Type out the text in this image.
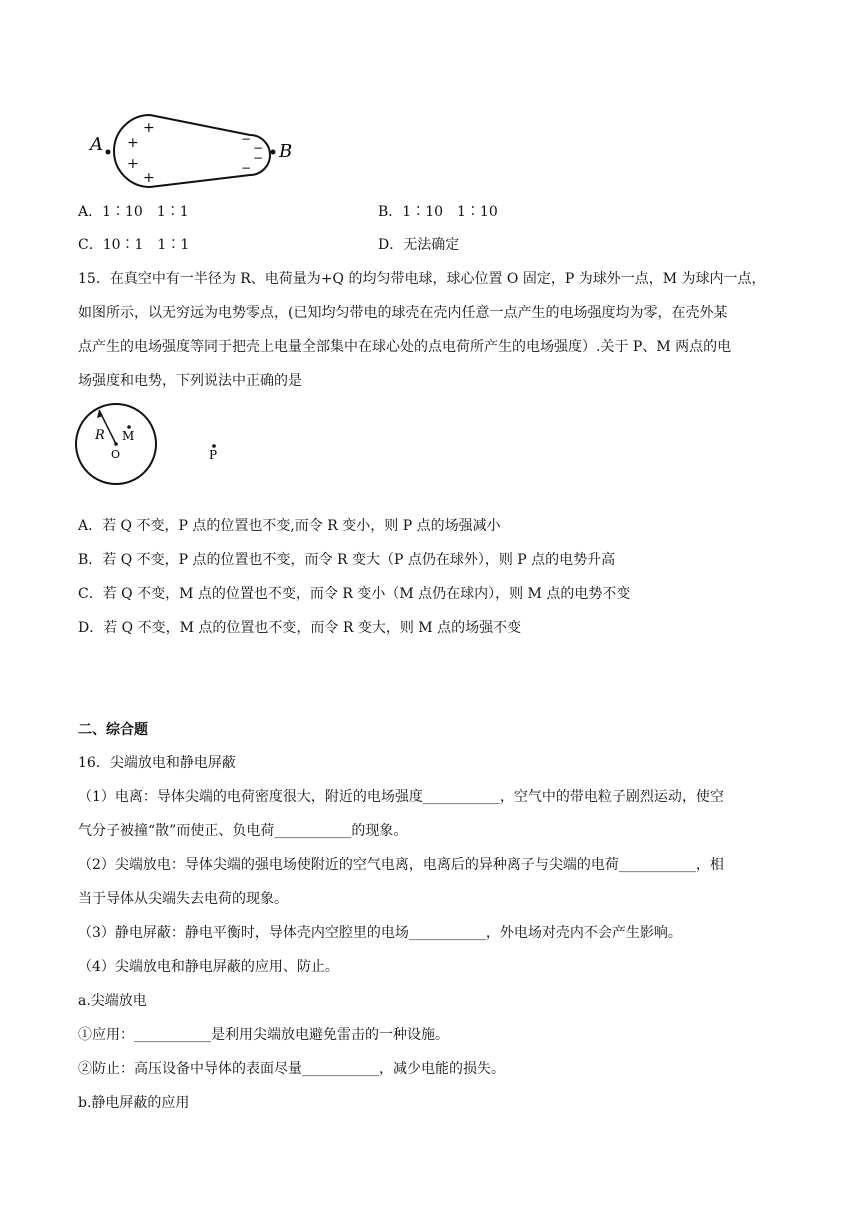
A	B
+
+
+
+
−
−
−
−
A．1∶10　1∶1	B．1∶10　1∶10
C．10∶1　1∶1	D．无法确定
15．在真空中有一半径为 R、电荷量为+Q 的均匀带电球，球心位置 O 固定，P 为球外一点，M 为球内一点，
如图所示，以无穷远为电势零点，(已知均匀带电的球壳在壳内任意一点产生的电场强度均为零，在壳外某
点产生的电场强度等同于把壳上电量全部集中在球心处的点电荷所产生的电场强度）.关于 P、M 两点的电
场强度和电势，下列说法中正确的是
R M
O	P
A．若 Q 不变，P 点的位置也不变,而令 R 变小，则 P 点的场强减小
B．若 Q 不变，P 点的位置也不变，而令 R 变大（P 点仍在球外），则 P 点的电势升高
C．若 Q 不变，M 点的位置也不变，而令 R 变小（M 点仍在球内），则 M 点的电势不变
D．若 Q 不变，M 点的位置也不变，而令 R 变大，则 M 点的场强不变
二、综合题
16．尖端放电和静电屏蔽
（1）电离：导体尖端的电荷密度很大，附近的电场强度___________，空气中的带电粒子剧烈运动，使空
气分子被撞“散”而使正、负电荷___________的现象。
（2）尖端放电：导体尖端的强电场使附近的空气电离，电离后的异种离子与尖端的电荷___________，相
当于导体从尖端失去电荷的现象。
（3）静电屏蔽：静电平衡时，导体壳内空腔里的电场___________，外电场对壳内不会产生影响。
（4）尖端放电和静电屏蔽的应用、防止。
a.尖端放电
①应用：___________是利用尖端放电避免雷击的一种设施。
②防止：高压设备中导体的表面尽量___________，减少电能的损失。
b.静电屏蔽的应用
